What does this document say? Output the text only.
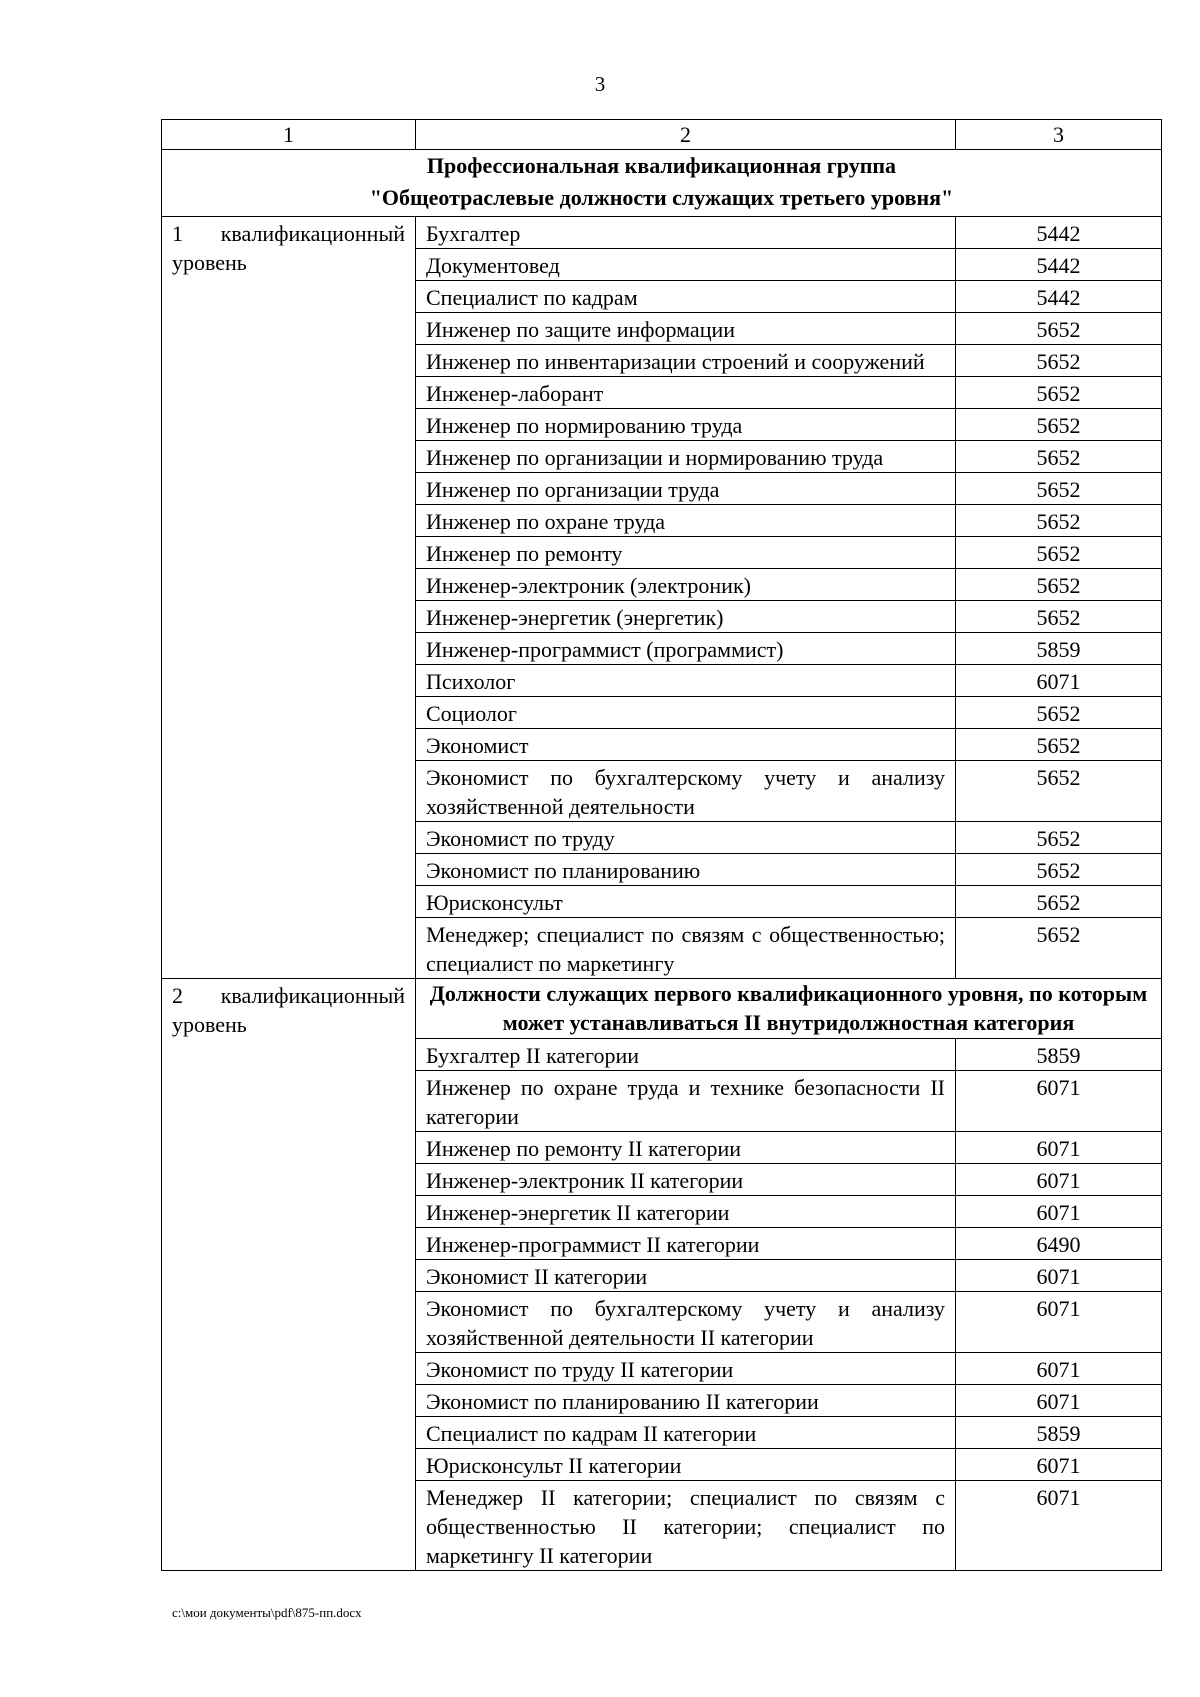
3
1	2	3

Профессиональная квалификационная группа
"Общеотраслевые должности служащих третьего уровня"		

1 квалификационный уровень	Бухгалтер	5442
	Документовед	5442
	Специалист по кадрам	5442
	Инженер по защите информации	5652
	Инженер по инвентаризации строений и сооружений	5652
	Инженер-лаборант	5652
	Инженер по нормированию труда	5652
	Инженер по организации и нормированию труда	5652
	Инженер по организации труда	5652
	Инженер по охране труда	5652
	Инженер по ремонту	5652
	Инженер-электроник (электроник)	5652
	Инженер-энергетик (энергетик)	5652
	Инженер-программист (программист)	5859
	Психолог	6071
	Социолог	5652
	Экономист	5652
	Экономист по бухгалтерскому учету и анализу хозяйственной деятельности	5652
	Экономист по труду	5652
	Экономист по планированию	5652
	Юрисконсульт	5652
	Менеджер; специалист по связям с общественностью; специалист по маркетингу	5652
2 квалификационный уровень	Должности служащих первого квалификационного уровня, по которым может устанавливаться II внутридолжностная категория	
	Бухгалтер II категории	5859
	Инженер по охране труда и технике безопасности II категории	6071
	Инженер по ремонту II категории	6071
	Инженер-электроник II категории	6071
	Инженер-энергетик II категории	6071
	Инженер-программист II категории	6490
	Экономист II категории	6071
	Экономист по бухгалтерскому учету и анализу хозяйственной деятельности II категории	6071
	Экономист по труду II категории	6071
	Экономист по планированию II категории	6071
	Специалист по кадрам II категории	5859
	Юрисконсульт II категории	6071
	Менеджер II категории; специалист по связям с общественностью II категории; специалист по маркетингу II категории	6071
c:\мои документы\pdf\875-пп.docx
